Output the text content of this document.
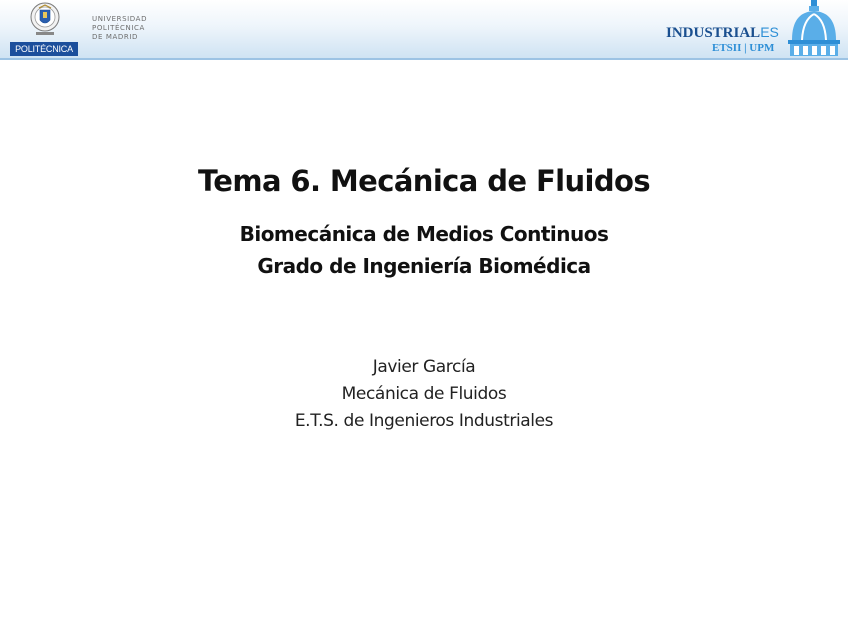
POLITÉCNICA
UNIVERSIDAD
POLITÉCNICA
DE MADRID	INDUSTRIALES
ETSII | UPM
Tema 6. Mecánica de Fluidos
Biomecánica de Medios Continuos
Grado de Ingeniería Biomédica
Javier García
Mecánica de Fluidos
E.T.S. de Ingenieros Industriales
